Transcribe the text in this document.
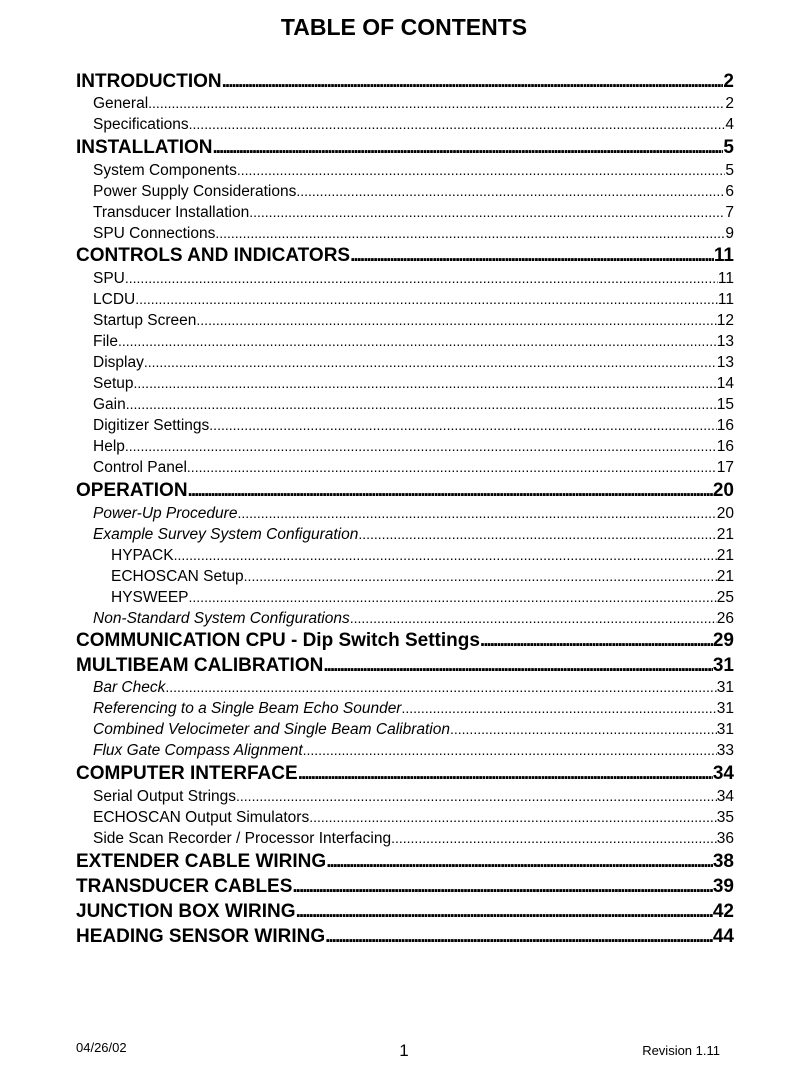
TABLE OF CONTENTS
INTRODUCTION .....	2
General .....	2
Specifications .....	4
INSTALLATION .....	5
System Components .....	5
Power Supply Considerations .....	6
Transducer Installation .....	7
SPU Connections .....	9
CONTROLS AND INDICATORS .....	11
SPU .....	11
LCDU .....	11
Startup Screen .....	12
File .....	13
Display .....	13
Setup .....	14
Gain .....	15
Digitizer Settings .....	16
Help .....	16
Control Panel .....	17
OPERATION .....	20
Power-Up Procedure .....	20
Example Survey System Configuration .....	21
HYPACK .....	21
ECHOSCAN Setup .....	21
HYSWEEP .....	25
Non-Standard System Configurations .....	26
COMMUNICATION CPU - Dip Switch Settings .....	29
MULTIBEAM CALIBRATION .....	31
Bar Check .....	31
Referencing to a Single Beam Echo Sounder .....	31
Combined Velocimeter and Single Beam Calibration .....	31
Flux Gate Compass Alignment .....	33
COMPUTER INTERFACE .....	34
Serial Output Strings .....	34
ECHOSCAN Output Simulators .....	35
Side Scan Recorder / Processor Interfacing .....	36
EXTENDER CABLE WIRING .....	38
TRANSDUCER CABLES .....	39
JUNCTION BOX WIRING .....	42
HEADING SENSOR WIRING .....	44
04/26/02	1	Revision 1.11
